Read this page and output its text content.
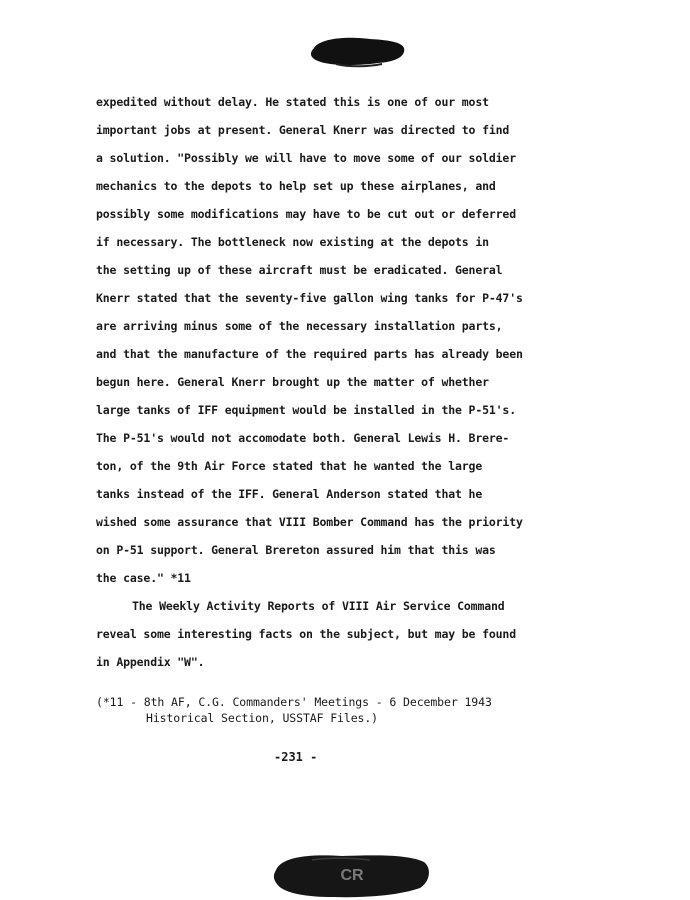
expedited without delay. He stated this is one of our most
important jobs at present. General Knerr was directed to find
a solution. "Possibly we will have to move some of our soldier
mechanics to the depots to help set up these airplanes, and
possibly some modifications may have to be cut out or deferred
if necessary. The bottleneck now existing at the depots in
the setting up of these aircraft must be eradicated. General
Knerr stated that the seventy-five gallon wing tanks for P-47's
are arriving minus some of the necessary installation parts,
and that the manufacture of the required parts has already been
begun here. General Knerr brought up the matter of whether
large tanks of IFF equipment would be installed in the P-51's.
The P-51's would not accomodate both. General Lewis H. Brere-
ton, of the 9th Air Force stated that he wanted the large
tanks instead of the IFF. General Anderson stated that he
wished some assurance that VIII Bomber Command has the priority
on P-51 support. General Brereton assured him that this was
the case." *11
The Weekly Activity Reports of VIII Air Service Command
reveal some interesting facts on the subject, but may be found
in Appendix "W".
(*11 - 8th AF, C.G. Commanders' Meetings - 6 December 1943
Historical Section, USSTAF Files.)
-231 -
CR
